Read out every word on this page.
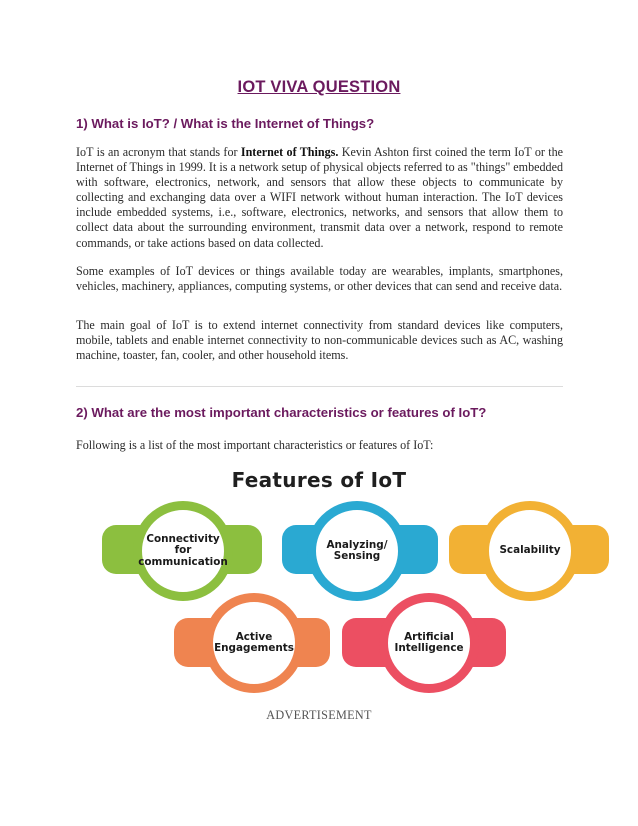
IOT VIVA QUESTION
1) What is IoT? / What is the Internet of Things?

IoT is an acronym that stands for Internet of Things. Kevin Ashton first coined the term IoT or the Internet of Things in 1999. It is a network setup of physical objects referred to as "things" embedded with software, electronics, network, and sensors that allow these objects to communicate by collecting and exchanging data over a WIFI network without human interaction. The IoT devices include embedded systems, i.e., software, electronics, networks, and sensors that allow them to collect data about the surrounding environment, transmit data over a network, respond to remote commands, or take actions based on data collected.

Some examples of IoT devices or things available today are wearables, implants, smartphones, vehicles, machinery, appliances, computing systems, or other devices that can send and receive data.

The main goal of IoT is to extend internet connectivity from standard devices like computers, mobile, tablets and enable internet connectivity to non-communicable devices such as AC, washing machine, toaster, fan, cooler, and other household items.

2) What are the most important characteristics or features of IoT?

Following is a list of the most important characteristics or features of IoT:

Features of IoT
Connectivity
for
communication
Analyzing/
Sensing	Scalability
Active
Engagements
Artificial
Intelligence
ADVERTISEMENT
